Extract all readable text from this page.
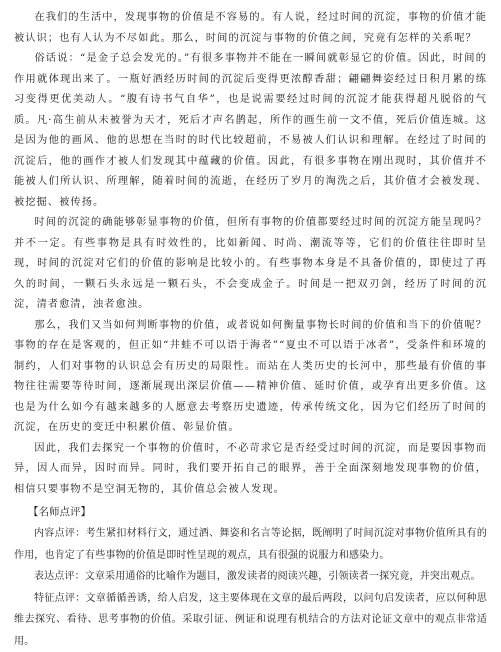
在我们的生活中，发现事物的价值是不容易的。有人说，经过时间的沉淀，事物的价值才能被认识；也有人认为不尽如此。那么，时间的沉淀与事物的价值之间，究竟有怎样的关系呢？

俗话说：“是金子总会发光的。”有很多事物并不能在一瞬间就彰显它的价值。因此，时间的作用就体现出来了。一瓶好酒经历时间的沉淀后变得更浓醇香甜；翩翩舞姿经过日积月累的练习变得更优美动人。“腹有诗书气自华”，也是说需要经过时间的沉淀才能获得超凡脱俗的气质。凡·高生前从未被誉为天才，死后才声名鹊起，所作的画生前一文不值，死后价值连城。这是因为他的画风、他的思想在当时的时代比较超前，不易被人们认识和理解。在经过了时间的沉淀后，他的画作才被人们发现其中蕴藏的价值。因此，有很多事物在刚出现时，其价值并不能被人们所认识、所理解，随着时间的流逝，在经历了岁月的淘洗之后，其价值才会被发现、被挖掘、被传扬。

时间的沉淀的确能够彰显事物的价值，但所有事物的价值都要经过时间的沉淀方能呈现吗？并不一定。有些事物是具有时效性的，比如新闻、时尚、潮流等等，它们的价值往往即时呈现，时间的沉淀对它们的价值的影响是比较小的。有些事物本身是不具备价值的，即使过了再久的时间，一颗石头永远是一颗石头，不会变成金子。时间是一把双刃剑，经历了时间的沉淀，清者愈清，浊者愈浊。

那么，我们又当如何判断事物的价值，或者说如何衡量事物长时间的价值和当下的价值呢？事物的存在是客观的，但正如“井蛙不可以语于海者”“夏虫不可以语于冰者”，受条件和环境的制约，人们对事物的认识总会有历史的局限性。而站在人类历史的长河中，那些最有价值的事物往往需要等待时间，逐渐展现出深层价值——精神价值、延时价值，或孕育出更多价值。这也是为什么如今有越来越多的人愿意去考察历史遗迹，传承传统文化，因为它们经历了时间的沉淀，在历史的变迁中积累价值、彰显价值。

因此，我们去探究一个事物的价值时，不必苛求它是否经受过时间的沉淀，而是要因事物而异，因人而异，因时而异。同时，我们要开拓自己的眼界，善于全面深刻地发现事物的价值，相信只要事物不是空洞无物的，其价值总会被人发现。

【名师点评】

内容点评：考生紧扣材料行文，通过酒、舞姿和名言等论据，既阐明了时间沉淀对事物价值所具有的作用，也肯定了有些事物的价值是即时性呈现的观点，具有很强的说服力和感染力。

表达点评：文章采用通俗的比喻作为题目，激发读者的阅读兴趣，引领读者一探究竟，并突出观点。

特征点评：文章循循善诱，给人启发，这主要体现在文章的最后两段，以问句启发读者，应以何种思维去探究、看待、思考事物的价值。采取引证、例证和说理有机结合的方法对论证文章中的观点非常适用。
